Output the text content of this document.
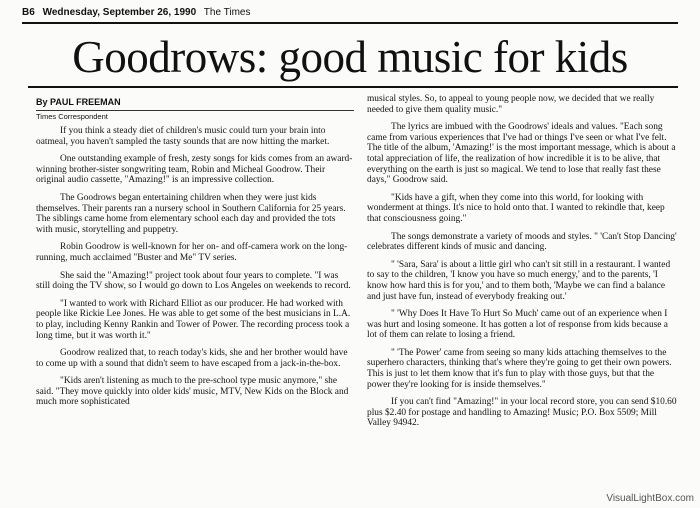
B6 Wednesday, September 26, 1990 The Times
Goodrows: good music for kids
By PAUL FREEMAN
Times Correspondent

If you think a steady diet of children's music could turn your brain into oatmeal, you haven't sampled the tasty sounds that are now hitting the market.

One outstanding example of fresh, zesty songs for kids comes from an award-winning brother-sister songwriting team, Robin and Micheal Goodrow. Their original audio cassette, "Amazing!" is an impressive collection.

The Goodrows began entertaining children when they were just kids themselves. Their parents ran a nursery school in Southern California for 25 years. The siblings came home from elementary school each day and provided the tots with music, storytelling and puppetry.

Robin Goodrow is well-known for her on- and off-camera work on the long-running, much acclaimed "Buster and Me" TV series.

She said the "Amazing!" project took about four years to complete. "I was still doing the TV show, so I would go down to Los Angeles on weekends to record.

"I wanted to work with Richard Elliot as our producer. He had worked with people like Rickie Lee Jones. He was able to get some of the best musicians in L.A. to play, including Kenny Rankin and Tower of Power. The recording process took a long time, but it was worth it."

Goodrow realized that, to reach today's kids, she and her brother would have to come up with a sound that didn't seem to have escaped from a jack-in-the-box.

"Kids aren't listening as much to the pre-school type music anymore," she said. "They move quickly into older kids' music, MTV, New Kids on the Block and much more sophisticated

musical styles. So, to appeal to young people now, we decided that we really needed to give them quality music."

The lyrics are imbued with the Goodrows' ideals and values. "Each song came from various experiences that I've had or things I've seen or what I've felt. The title of the album, 'Amazing!' is the most important message, which is about a total appreciation of life, the realization of how incredible it is to be alive, that everything on the earth is just so magical. We tend to lose that really fast these days," Goodrow said.

"Kids have a gift, when they come into this world, for looking with wonderment at things. It's nice to hold onto that. I wanted to rekindle that, keep that consciousness going."

The songs demonstrate a variety of moods and styles. " 'Can't Stop Dancing' celebrates different kinds of music and dancing.

" 'Sara, Sara' is about a little girl who can't sit still in a restaurant. I wanted to say to the children, 'I know you have so much energy,' and to the parents, 'I know how hard this is for you,' and to them both, 'Maybe we can find a balance and just have fun, instead of everybody freaking out.'

" 'Why Does It Have To Hurt So Much' came out of an experience when I was hurt and losing someone. It has gotten a lot of response from kids because a lot of them can relate to losing a friend.

" 'The Power' came from seeing so many kids attaching themselves to the superhero characters, thinking that's where they're going to get their own powers. This is just to let them know that it's fun to play with those guys, but that the power they're looking for is inside themselves."

If you can't find "Amazing!" in your local record store, you can send $10.60 plus $2.40 for postage and handling to Amazing! Music; P.O. Box 5509; Mill Valley 94942.

VisualLightBox.com
